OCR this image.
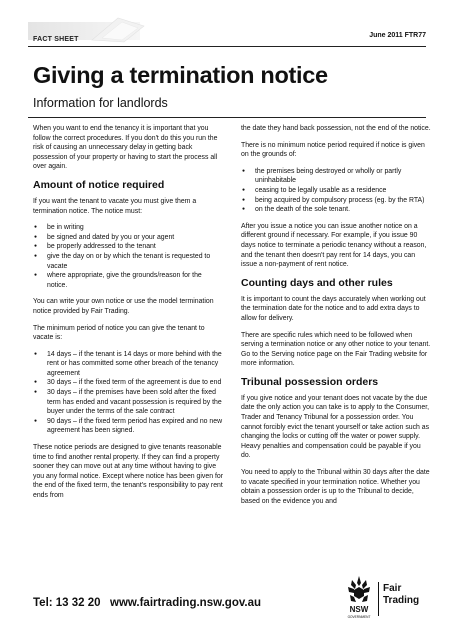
FACT SHEET
June 2011 FTR77
Giving a termination notice
Information for landlords

When you want to end the tenancy it is important that you follow the correct procedures. If you don't do this you run the risk of causing an unnecessary delay in getting back possession of your property or having to start the process all over again.

Amount of notice required

If you want the tenant to vacate you must give them a termination notice. The notice must:

● be in writing
● be signed and dated by you or your agent
● be properly addressed to the tenant
● give the day on or by which the tenant is requested to vacate
● where appropriate, give the grounds/reason for the notice.

You can write your own notice or use the model termination notice provided by Fair Trading.

The minimum period of notice you can give the tenant to vacate is:

● 14 days – if the tenant is 14 days or more behind with the rent or has committed some other breach of the tenancy agreement
● 30 days – if the fixed term of the agreement is due to end
● 30 days – if the premises have been sold after the fixed term has ended and vacant possession is required by the buyer under the terms of the sale contract
● 90 days – if the fixed term period has expired and no new agreement has been signed.

These notice periods are designed to give tenants reasonable time to find another rental property. If they can find a property sooner they can move out at any time without having to give you any formal notice. Except where notice has been given for the end of the fixed term, the tenant's responsibility to pay rent ends from

the date they hand back possession, not the end of the notice.

There is no minimum notice period required if notice is given on the grounds of:

● the premises being destroyed or wholly or partly uninhabitable
● ceasing to be legally usable as a residence
● being acquired by compulsory process (eg. by the RTA)
● on the death of the sole tenant.

After you issue a notice you can issue another notice on a different ground if necessary. For example, if you issue 90 days notice to terminate a periodic tenancy without a reason, and the tenant then doesn't pay rent for 14 days, you can issue a non-payment of rent notice.

Counting days and other rules

It is important to count the days accurately when working out the termination date for the notice and to add extra days to allow for delivery.

There are specific rules which need to be followed when serving a termination notice or any other notice to your tenant. Go to the Serving notice page on the Fair Trading website for more information.

Tribunal possession orders

If you give notice and your tenant does not vacate by the due date the only action you can take is to apply to the Consumer, Trader and Tenancy Tribunal for a possession order. You cannot forcibly evict the tenant yourself or take action such as changing the locks or cutting off the water or power supply. Heavy penalties and compensation could be payable if you do.

You need to apply to the Tribunal within 30 days after the date to vacate specified in your termination notice. Whether you obtain a possession order is up to the Tribunal to decide, based on the evidence you and

Tel: 13 32 20 www.fairtrading.nsw.gov.au
NSW
GOVERNMENT
Fair
Trading
